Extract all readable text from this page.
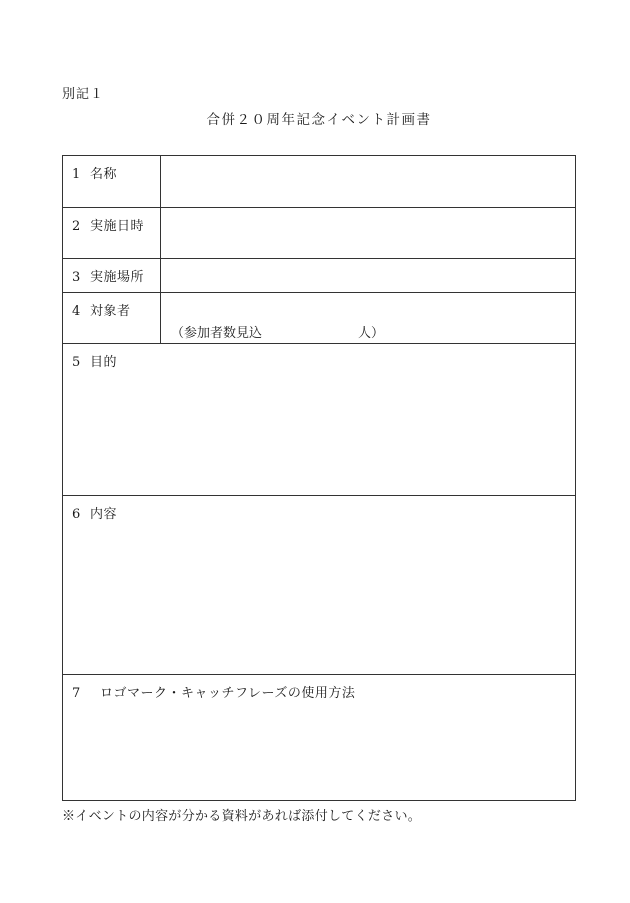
別記１
合併２０周年記念イベント計画書
1 名称
2 実施日時
3 実施場所
4 対象者
（参加者数見込	人）
5 目的
6 内容
7 ロゴマーク・キャッチフレーズの使用方法
※イベントの内容が分かる資料があれば添付してください。
